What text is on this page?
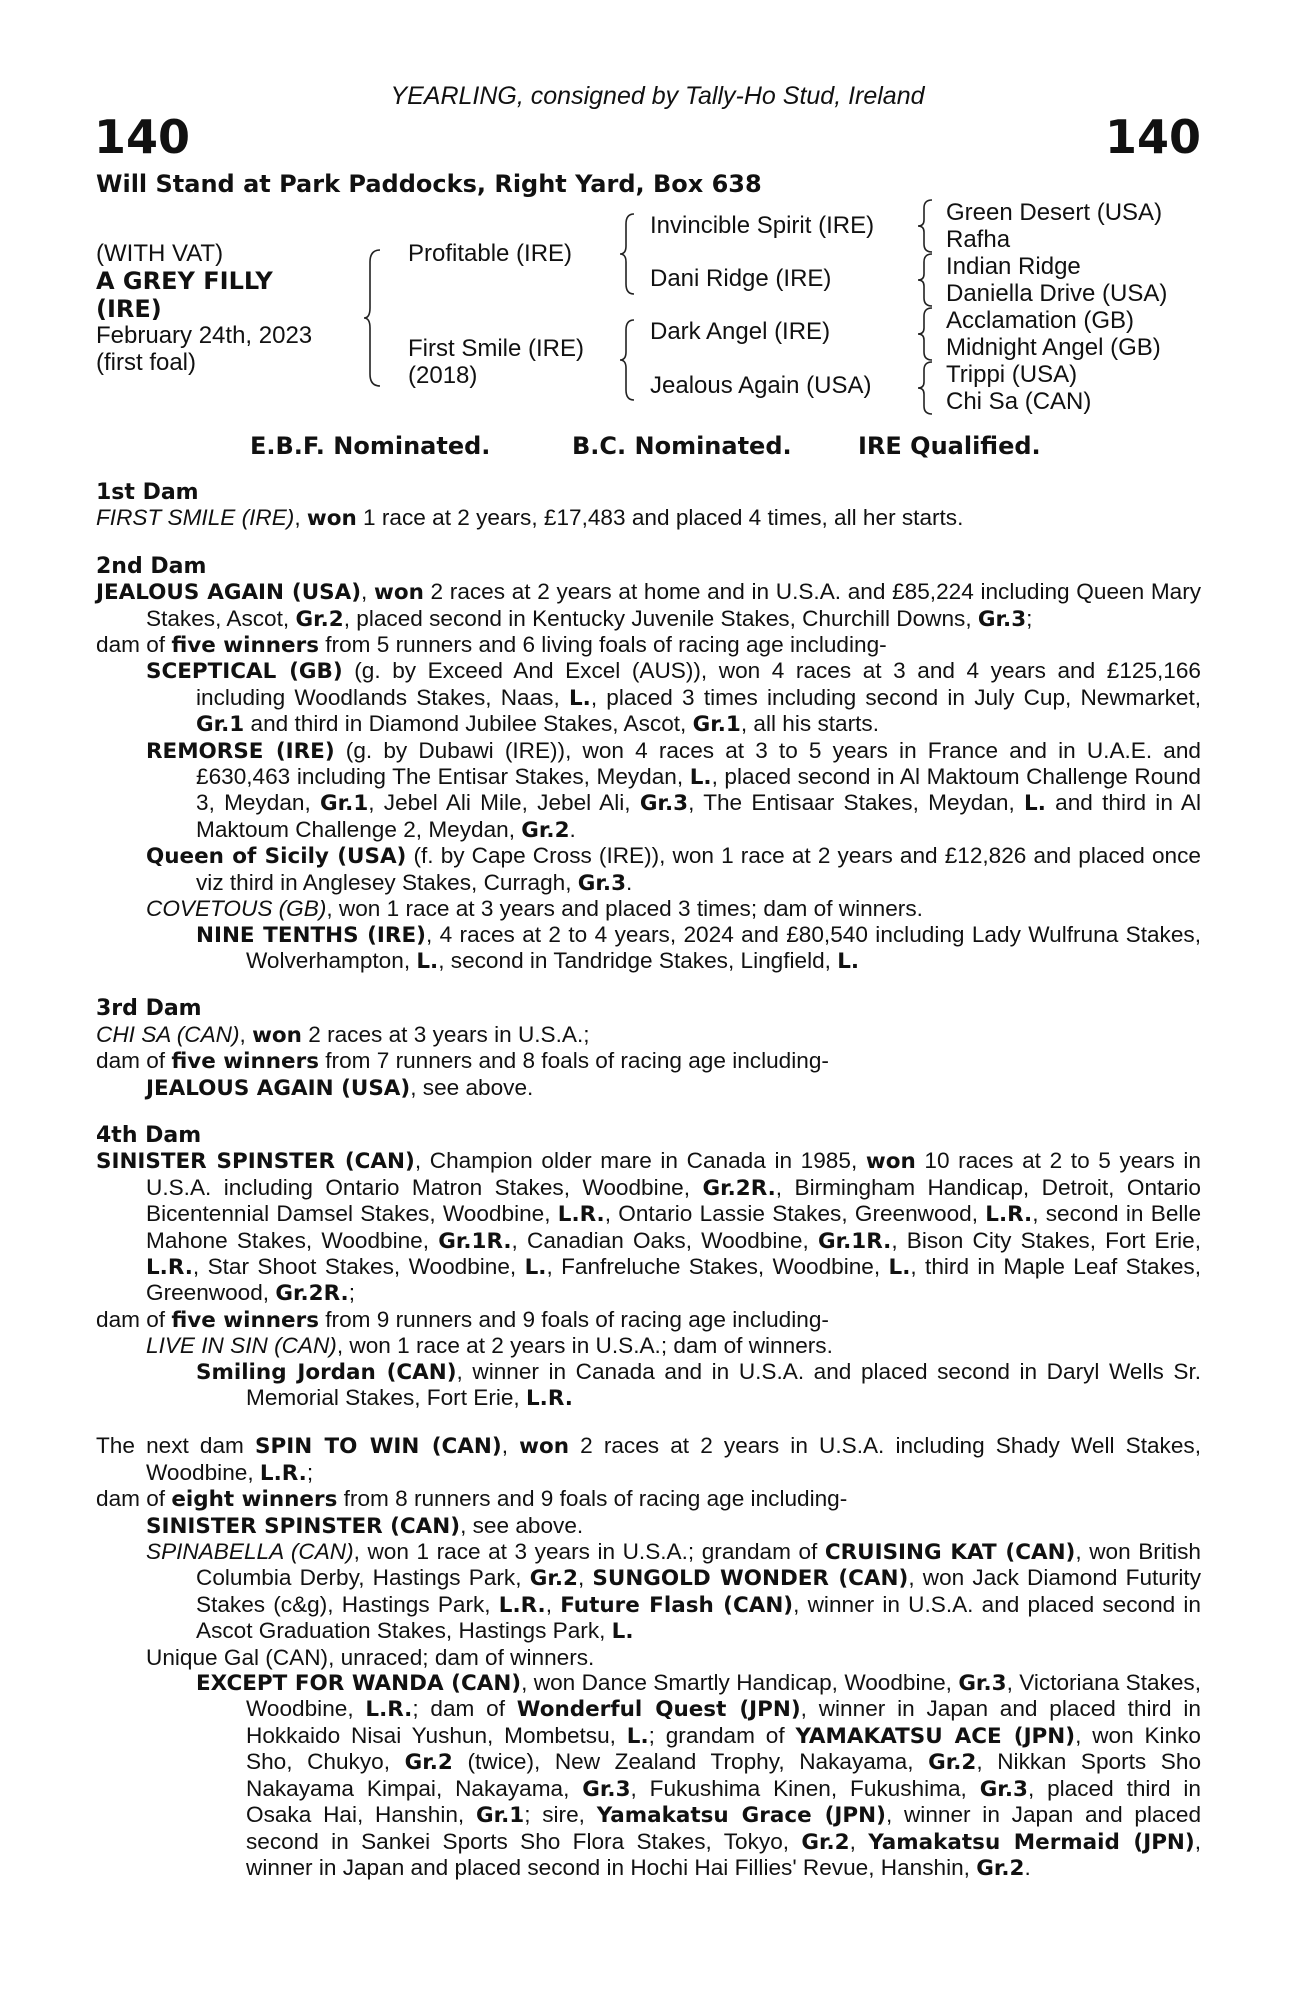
YEARLING, consigned by Tally-Ho Stud, Ireland
140	140
Will Stand at Park Paddocks, Right Yard, Box 638
(WITH VAT)
A GREY FILLY
(IRE)
February 24th, 2023
(first foal)
Profitable (IRE)
First Smile (IRE)
(2018)
Invincible Spirit (IRE)
Dani Ridge (IRE)
Dark Angel (IRE)
Jealous Again (USA)
Green Desert (USA)
Rafha
Indian Ridge
Daniella Drive (USA)
Acclamation (GB)
Midnight Angel (GB)
Trippi (USA)
Chi Sa (CAN)
E.B.F. Nominated.	B.C. Nominated.	IRE Qualified.
1st Dam
FIRST SMILE (IRE), won 1 race at 2 years, £17,483 and placed 4 times, all her starts.
2nd Dam
JEALOUS AGAIN (USA), won 2 races at 2 years at home and in U.S.A. and £85,224 including Queen Mary Stakes, Ascot, Gr.2, placed second in Kentucky Juvenile Stakes, Churchill Downs, Gr.3;
dam of five winners from 5 runners and 6 living foals of racing age including-
SCEPTICAL (GB) (g. by Exceed And Excel (AUS)), won 4 races at 3 and 4 years and £125,166 including Woodlands Stakes, Naas, L., placed 3 times including second in July Cup, Newmarket, Gr.1 and third in Diamond Jubilee Stakes, Ascot, Gr.1, all his starts.
REMORSE (IRE) (g. by Dubawi (IRE)), won 4 races at 3 to 5 years in France and in U.A.E. and £630,463 including The Entisar Stakes, Meydan, L., placed second in Al Maktoum Challenge Round 3, Meydan, Gr.1, Jebel Ali Mile, Jebel Ali, Gr.3, The Entisaar Stakes, Meydan, L. and third in Al Maktoum Challenge 2, Meydan, Gr.2.
Queen of Sicily (USA) (f. by Cape Cross (IRE)), won 1 race at 2 years and £12,826 and placed once viz third in Anglesey Stakes, Curragh, Gr.3.
COVETOUS (GB), won 1 race at 3 years and placed 3 times; dam of winners.
NINE TENTHS (IRE), 4 races at 2 to 4 years, 2024 and £80,540 including Lady Wulfruna Stakes, Wolverhampton, L., second in Tandridge Stakes, Lingfield, L.
3rd Dam
CHI SA (CAN), won 2 races at 3 years in U.S.A.;
dam of five winners from 7 runners and 8 foals of racing age including-
JEALOUS AGAIN (USA), see above.
4th Dam
SINISTER SPINSTER (CAN), Champion older mare in Canada in 1985, won 10 races at 2 to 5 years in U.S.A. including Ontario Matron Stakes, Woodbine, Gr.2R., Birmingham Handicap, Detroit, Ontario Bicentennial Damsel Stakes, Woodbine, L.R., Ontario Lassie Stakes, Greenwood, L.R., second in Belle Mahone Stakes, Woodbine, Gr.1R., Canadian Oaks, Woodbine, Gr.1R., Bison City Stakes, Fort Erie, L.R., Star Shoot Stakes, Woodbine, L., Fanfreluche Stakes, Woodbine, L., third in Maple Leaf Stakes, Greenwood, Gr.2R.;
dam of five winners from 9 runners and 9 foals of racing age including-
LIVE IN SIN (CAN), won 1 race at 2 years in U.S.A.; dam of winners.
Smiling Jordan (CAN), winner in Canada and in U.S.A. and placed second in Daryl Wells Sr. Memorial Stakes, Fort Erie, L.R.
The next dam SPIN TO WIN (CAN), won 2 races at 2 years in U.S.A. including Shady Well Stakes, Woodbine, L.R.;
dam of eight winners from 8 runners and 9 foals of racing age including-
SINISTER SPINSTER (CAN), see above.
SPINABELLA (CAN), won 1 race at 3 years in U.S.A.; grandam of CRUISING KAT (CAN), won British Columbia Derby, Hastings Park, Gr.2, SUNGOLD WONDER (CAN), won Jack Diamond Futurity Stakes (c&g), Hastings Park, L.R., Future Flash (CAN), winner in U.S.A. and placed second in Ascot Graduation Stakes, Hastings Park, L.
Unique Gal (CAN), unraced; dam of winners.
EXCEPT FOR WANDA (CAN), won Dance Smartly Handicap, Woodbine, Gr.3, Victoriana Stakes, Woodbine, L.R.; dam of Wonderful Quest (JPN), winner in Japan and placed third in Hokkaido Nisai Yushun, Mombetsu, L.; grandam of YAMAKATSU ACE (JPN), won Kinko Sho, Chukyo, Gr.2 (twice), New Zealand Trophy, Nakayama, Gr.2, Nikkan Sports Sho Nakayama Kimpai, Nakayama, Gr.3, Fukushima Kinen, Fukushima, Gr.3, placed third in Osaka Hai, Hanshin, Gr.1; sire, Yamakatsu Grace (JPN), winner in Japan and placed second in Sankei Sports Sho Flora Stakes, Tokyo, Gr.2, Yamakatsu Mermaid (JPN), winner in Japan and placed second in Hochi Hai Fillies' Revue, Hanshin, Gr.2.
